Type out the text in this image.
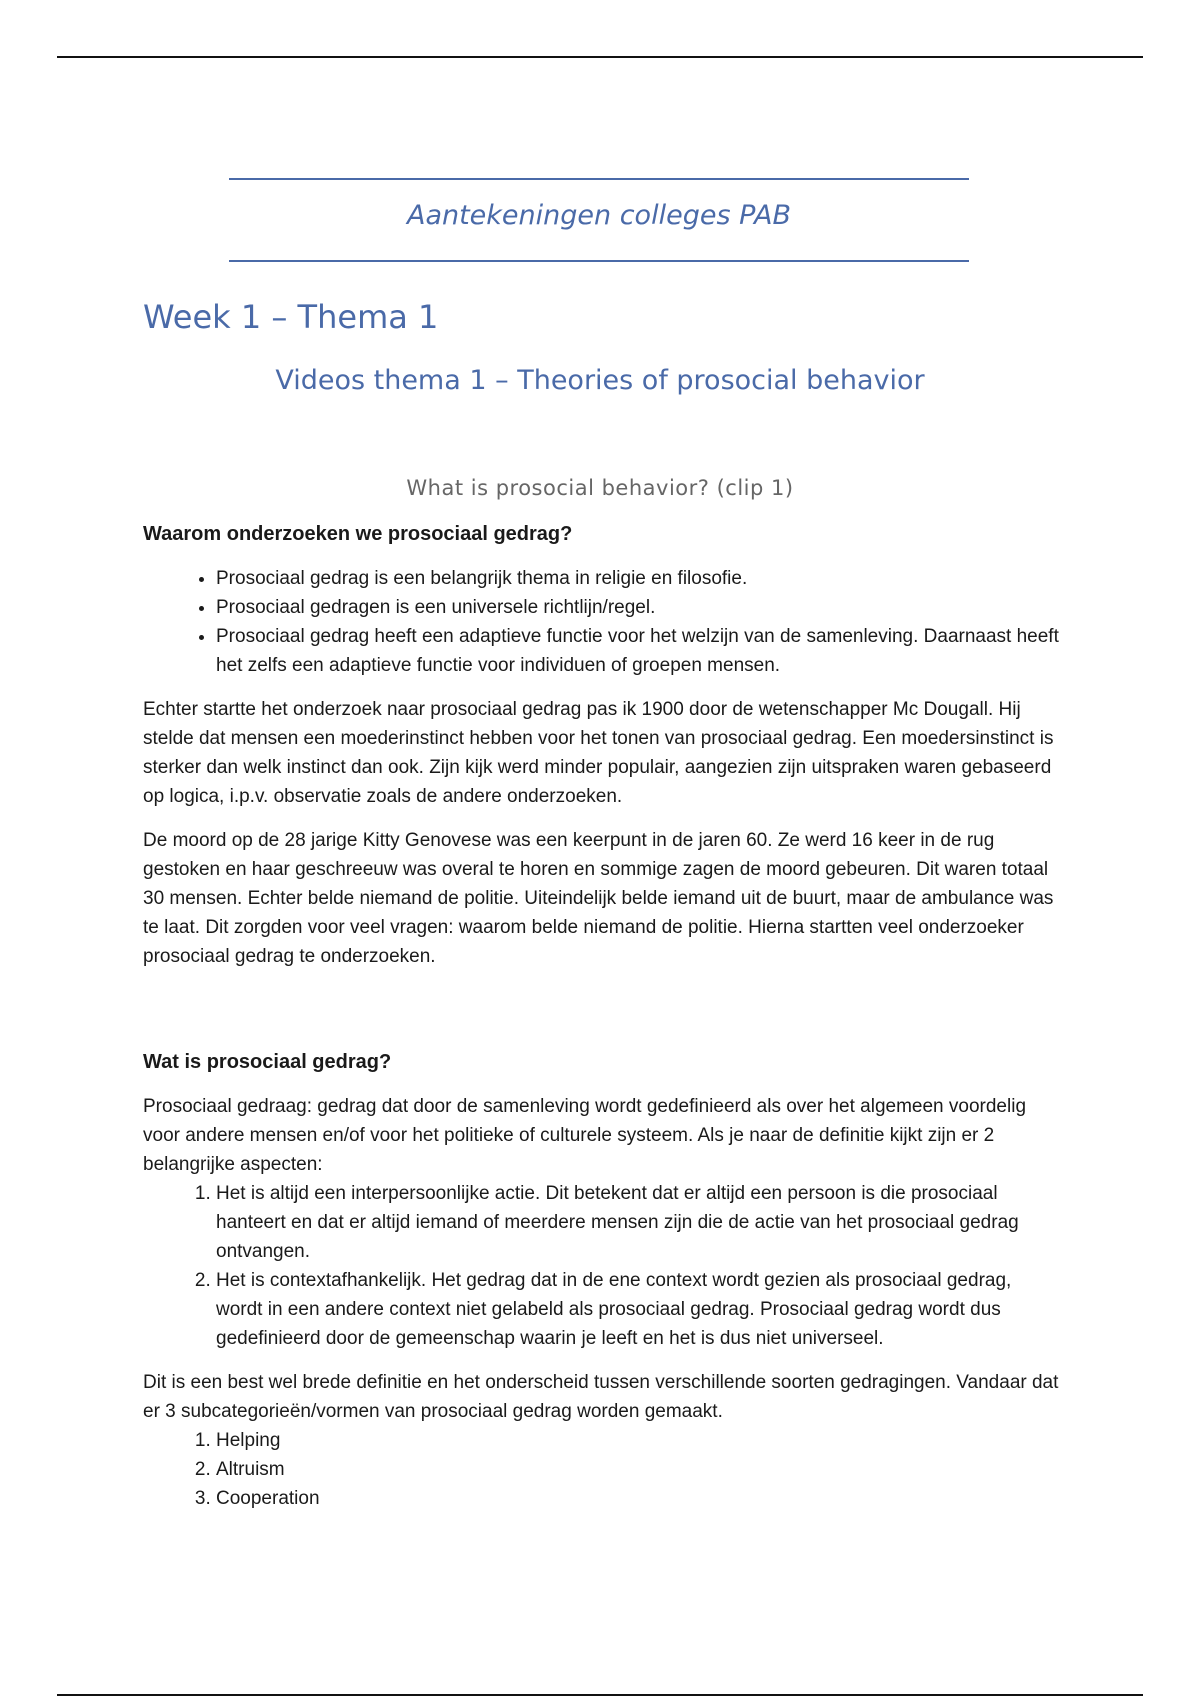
Aantekeningen colleges PAB
Week 1 – Thema 1
Videos thema 1 – Theories of prosocial behavior
What is prosocial behavior? (clip 1)
Waarom onderzoeken we prosociaal gedrag?
• Prosociaal gedrag is een belangrijk thema in religie en filosofie.
• Prosociaal gedragen is een universele richtlijn/regel.
• Prosociaal gedrag heeft een adaptieve functie voor het welzijn van de samenleving. Daarnaast heeft het zelfs een adaptieve functie voor individuen of groepen mensen.

Echter startte het onderzoek naar prosociaal gedrag pas ik 1900 door de wetenschapper Mc Dougall. Hij stelde dat mensen een moederinstinct hebben voor het tonen van prosociaal gedrag. Een moedersinstinct is sterker dan welk instinct dan ook. Zijn kijk werd minder populair, aangezien zijn uitspraken waren gebaseerd op logica, i.p.v. observatie zoals de andere onderzoeken.

De moord op de 28 jarige Kitty Genovese was een keerpunt in de jaren 60. Ze werd 16 keer in de rug gestoken en haar geschreeuw was overal te horen en sommige zagen de moord gebeuren. Dit waren totaal 30 mensen. Echter belde niemand de politie. Uiteindelijk belde iemand uit de buurt, maar de ambulance was te laat. Dit zorgden voor veel vragen: waarom belde niemand de politie. Hierna startten veel onderzoeker prosociaal gedrag te onderzoeken.

Wat is prosociaal gedrag?

Prosociaal gedraag: gedrag dat door de samenleving wordt gedefinieerd als over het algemeen voordelig voor andere mensen en/of voor het politieke of culturele systeem. Als je naar de definitie kijkt zijn er 2 belangrijke aspecten:

1. Het is altijd een interpersoonlijke actie. Dit betekent dat er altijd een persoon is die prosociaal hanteert en dat er altijd iemand of meerdere mensen zijn die de actie van het prosociaal gedrag ontvangen.
2. Het is contextafhankelijk. Het gedrag dat in de ene context wordt gezien als prosociaal gedrag, wordt in een andere context niet gelabeld als prosociaal gedrag. Prosociaal gedrag wordt dus gedefinieerd door de gemeenschap waarin je leeft en het is dus niet universeel.

Dit is een best wel brede definitie en het onderscheid tussen verschillende soorten gedragingen. Vandaar dat er 3 subcategorieën/vormen van prosociaal gedrag worden gemaakt.

1. Helping
2. Altruism
3. Cooperation
